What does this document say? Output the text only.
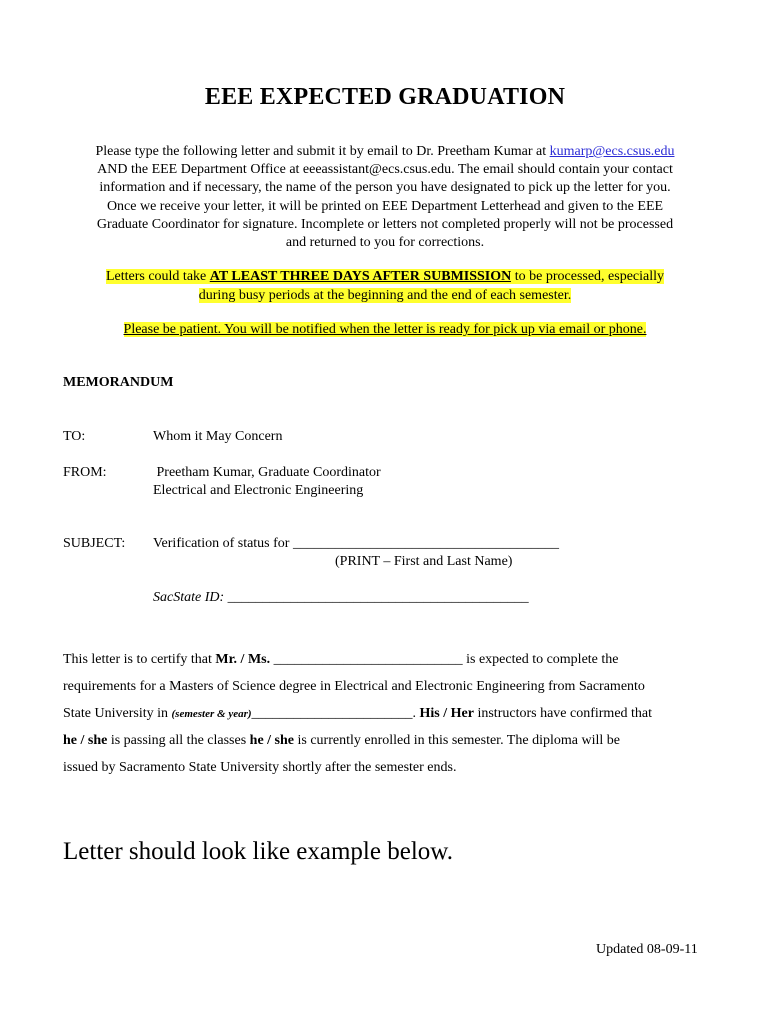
EEE EXPECTED GRADUATION
Please type the following letter and submit it by email to Dr. Preetham Kumar at kumarp@ecs.csus.edu
AND the EEE Department Office at eeeassistant@ecs.csus.edu. The email should contain your contact
information and if necessary, the name of the person you have designated to pick up the letter for you.
Once we receive your letter, it will be printed on EEE Department Letterhead and given to the EEE
Graduate Coordinator for signature. Incomplete or letters not completed properly will not be processed
and returned to you for corrections.
Letters could take AT LEAST THREE DAYS AFTER SUBMISSION to be processed, especially
during busy periods at the beginning and the end of each semester.
Please be patient. You will be notified when the letter is ready for pick up via email or phone.
MEMORANDUM
TO:	Whom it May Concern
FROM:	Preetham Kumar, Graduate Coordinator
Electrical and Electronic Engineering
SUBJECT: Verification of status for ______________________________________
(PRINT – First and Last Name)
SacState ID: ___________________________________________
This letter is to certify that Mr. / Ms. ___________________________ is expected to complete the
requirements for a Masters of Science degree in Electrical and Electronic Engineering from Sacramento
State University in (semester & year)_______________________. His / Her instructors have confirmed that
he / she is passing all the classes he / she is currently enrolled in this semester. The diploma will be
issued by Sacramento State University shortly after the semester ends.
Letter should look like example below.
Updated 08-09-11
